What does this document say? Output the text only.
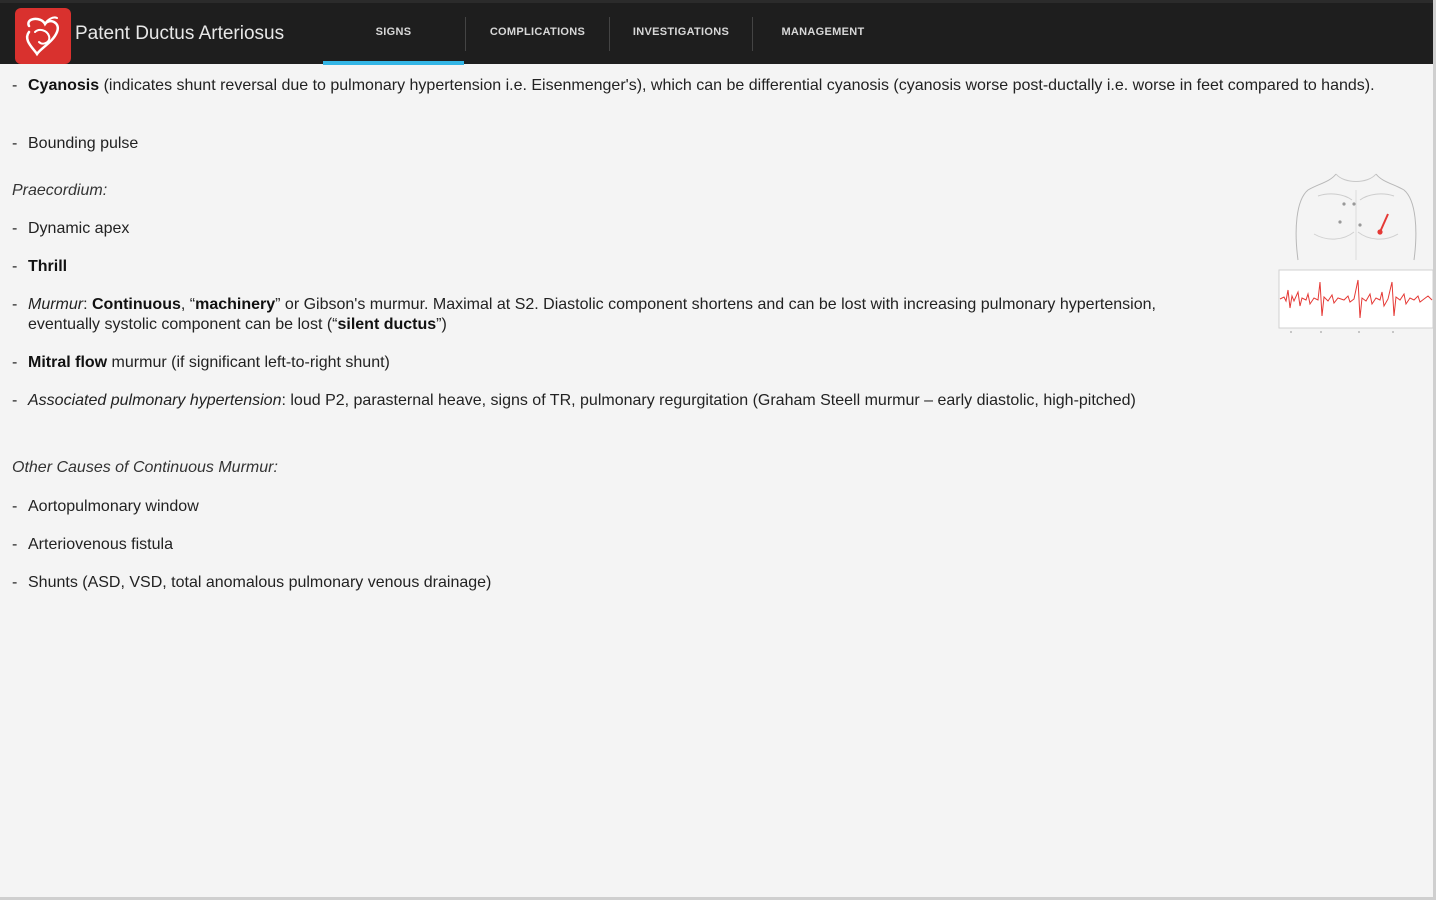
Patent Ductus Arteriosus	SIGNS	COMPLICATIONS	INVESTIGATIONS	MANAGEMENT
- Cyanosis (indicates shunt reversal due to pulmonary hypertension i.e. Eisenmenger's), which can be differential cyanosis (cyanosis worse post-ductally i.e. worse in feet compared to hands).
- Bounding pulse
Praecordium:
- Dynamic apex
- Thrill
- Murmur: Continuous, “machinery” or Gibson's murmur. Maximal at S2. Diastolic component shortens and can be lost with increasing pulmonary hypertension, eventually systolic component can be lost (“silent ductus”)
- Mitral flow murmur (if significant left-to-right shunt)
- Associated pulmonary hypertension: loud P2, parasternal heave, signs of TR, pulmonary regurgitation (Graham Steell murmur – early diastolic, high-pitched)
Other Causes of Continuous Murmur:
- Aortopulmonary window
- Arteriovenous fistula
- Shunts (ASD, VSD, total anomalous pulmonary venous drainage)
